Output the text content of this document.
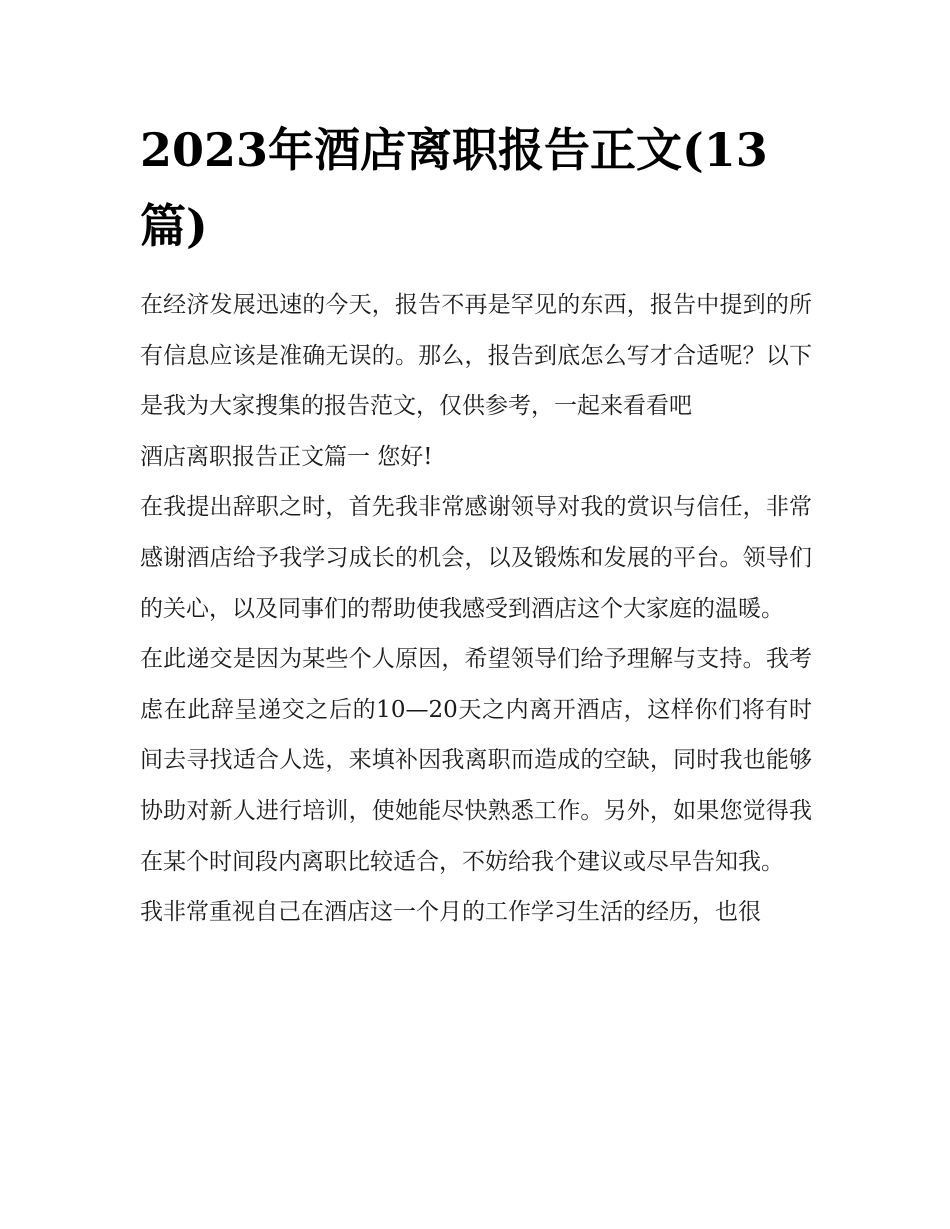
2023年酒店离职报告正文(13篇)

在经济发展迅速的今天，报告不再是罕见的东西，报告中提到的所有信息应该是准确无误的。那么，报告到底怎么写才合适呢？以下是我为大家搜集的报告范文，仅供参考，一起来看看吧

酒店离职报告正文篇一 您好!

在我提出辞职之时，首先我非常感谢领导对我的赏识与信任，非常感谢酒店给予我学习成长的机会，以及锻炼和发展的平台。领导们的关心，以及同事们的帮助使我感受到酒店这个大家庭的温暖。

在此递交是因为某些个人原因，希望领导们给予理解与支持。我考虑在此辞呈递交之后的10—20天之内离开酒店，这样你们将有时间去寻找适合人选，来填补因我离职而造成的空缺，同时我也能够协助对新人进行培训，使她能尽快熟悉工作。另外，如果您觉得我在某个时间段内离职比较适合，不妨给我个建议或尽早告知我。

我非常重视自己在酒店这一个月的工作学习生活的经历，也很
